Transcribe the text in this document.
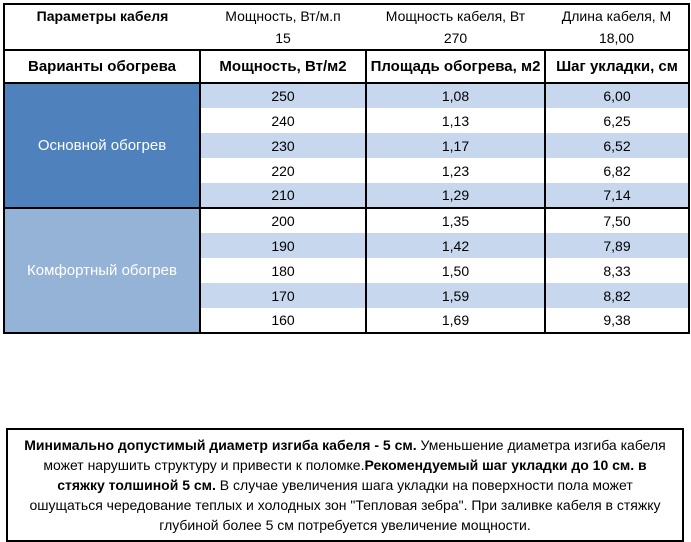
Параметры кабеля	Мощность, Вт/м.п	Мощность кабеля, Вт	Длина кабеля, М
	15	270	18,00
Варианты обогрева	Мощность, Вт/м2	Площадь обогрева, м2	Шаг укладки, см
Основной обогрев	250	1,08	6,00
	240	1,13	6,25
	230	1,17	6,52
	220	1,23	6,82
	210	1,29	7,14
Комфортный обогрев	200	1,35	7,50
	190	1,42	7,89
	180	1,50	8,33
	170	1,59	8,82
	160	1,69	9,38
Минимально допустимый диаметр изгиба кабеля - 5 см. Уменьшение диаметра изгиба кабеля может нарушить структуру и привести к поломке.Рекомендуемый шаг укладки до 10 см. в стяжку толшиной 5 см. В случае увеличения шага укладки на поверхности пола может ошущаться чередование теплых и холодных зон "Тепловая зебра". При заливке кабеля в стяжку глубиной более 5 см потребуется увеличение мощности.
